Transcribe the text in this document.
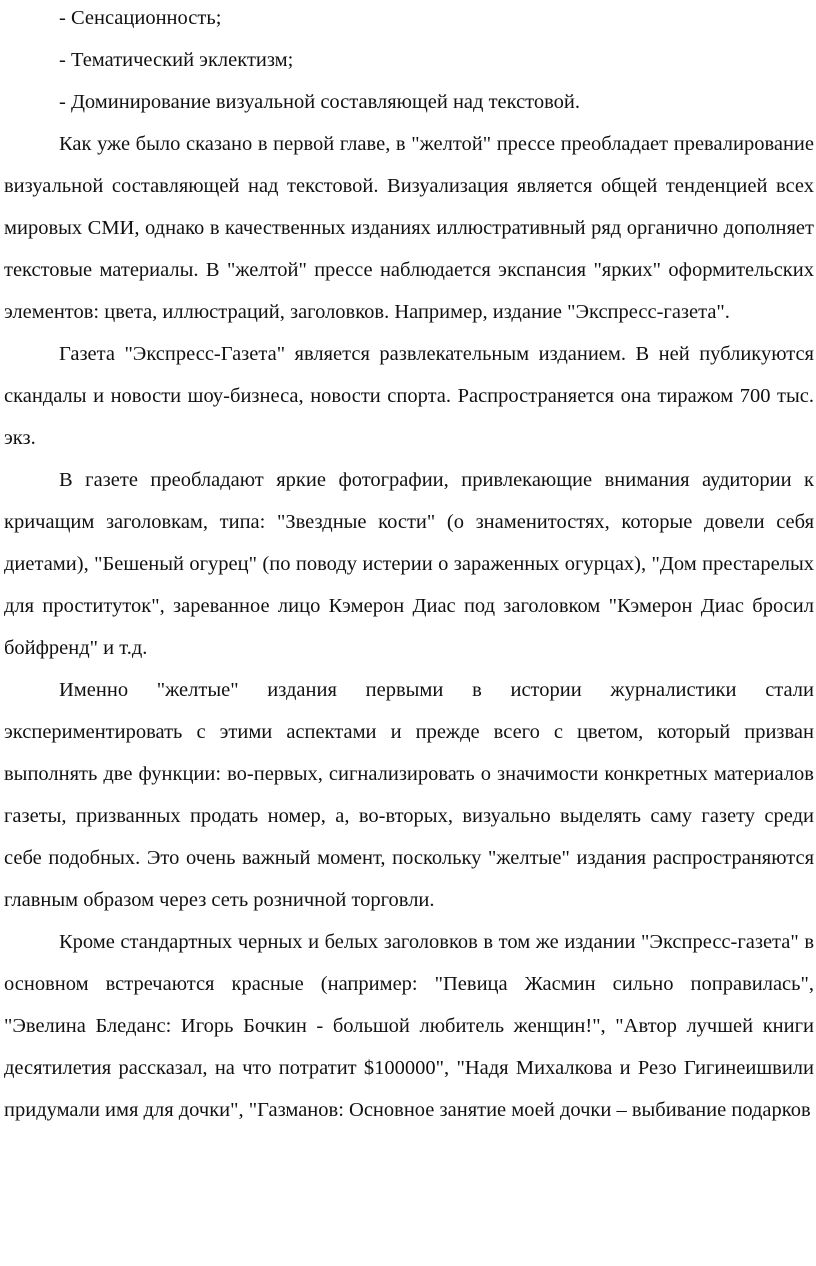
- Сенсационность;

- Тематический эклектизм;

- Доминирование визуальной составляющей над текстовой.

Как уже было сказано в первой главе, в "желтой" прессе преобладает превалирование визуальной составляющей над текстовой. Визуализация является общей тенденцией всех мировых СМИ, однако в качественных изданиях иллюстративный ряд органично дополняет текстовые материалы. В "желтой" прессе наблюдается экспансия "ярких" оформительских элементов: цвета, иллюстраций, заголовков. Например, издание "Экспресс-газета".

Газета "Экспресс-Газета" является развлекательным изданием. В ней публикуются скандалы и новости шоу-бизнеса, новости спорта. Распространяется она тиражом 700 тыс. экз.

В газете преобладают яркие фотографии, привлекающие внимания аудитории к кричащим заголовкам, типа: "Звездные кости" (о знаменитостях, которые довели себя диетами), "Бешеный огурец" (по поводу истерии о зараженных огурцах), "Дом престарелых для проституток", зареванное лицо Кэмерон Диас под заголовком "Кэмерон Диас бросил бойфренд" и т.д.

Именно "желтые" издания первыми в истории журналистики стали экспериментировать с этими аспектами и прежде всего с цветом, который призван выполнять две функции: во-первых, сигнализировать о значимости конкретных материалов газеты, призванных продать номер, а, во-вторых, визуально выделять саму газету среди себе подобных. Это очень важный момент, поскольку "желтые" издания распространяются главным образом через сеть розничной торговли.

Кроме стандартных черных и белых заголовков в том же издании "Экспресс-газета" в основном встречаются красные (например: "Певица Жасмин сильно поправилась", "Эвелина Бледанс: Игорь Бочкин - большой любитель женщин!", "Автор лучшей книги десятилетия рассказал, на что потратит $100000", "Надя Михалкова и Резо Гигинеишвили придумали имя для дочки", "Газманов: Основное занятие моей дочки – выбивание подарков
